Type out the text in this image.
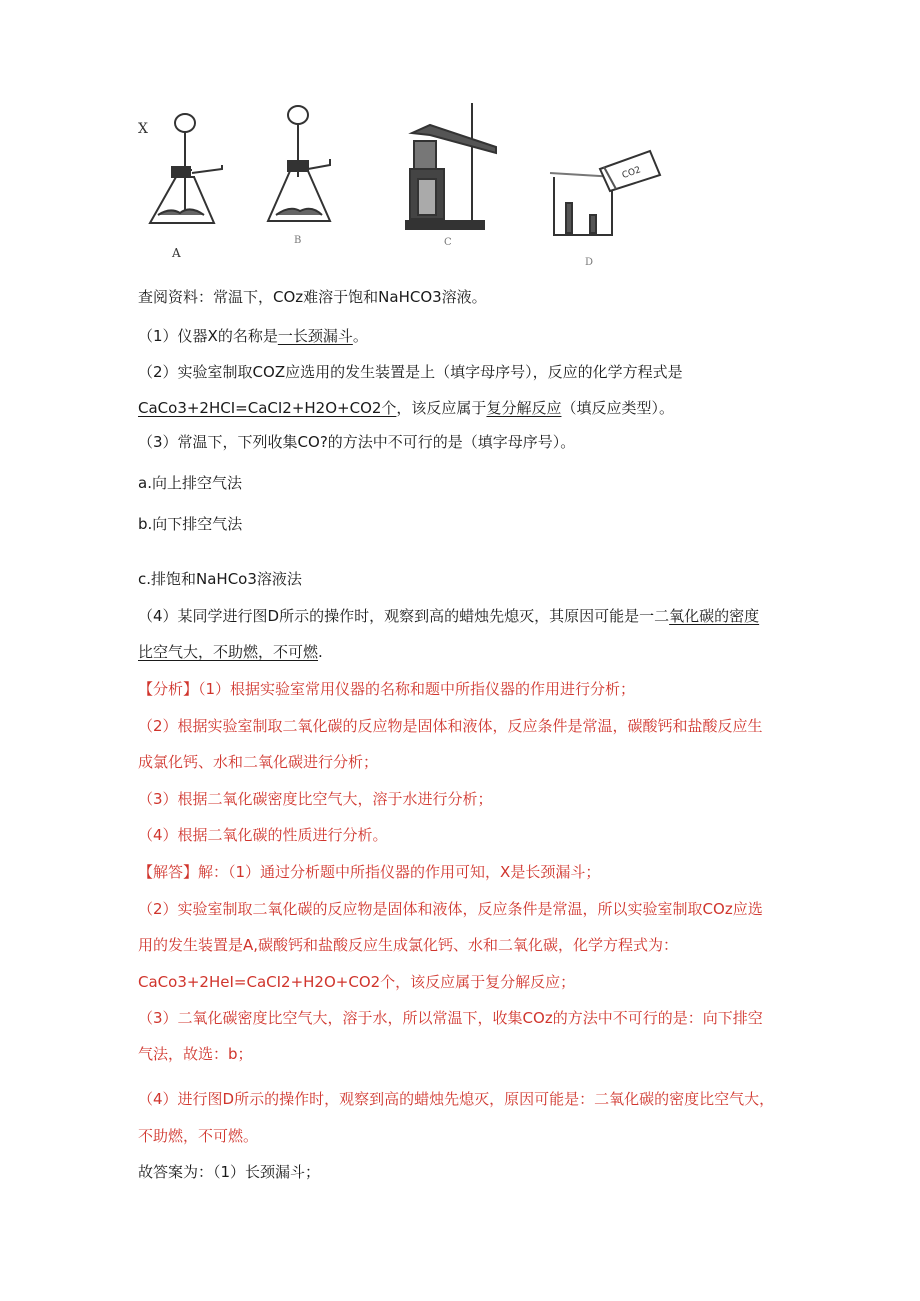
X
A
B	C
CO2
D
查阅资料：常温下，COz难溶于饱和NaHCO3溶液。
（1）仪器X的名称是一长颈漏斗。
（2）实验室制取COZ应选用的发生装置是上（填字母序号），反应的化学方程式是
CaCo3+2HCI=CaCI2+H2O+CO2个，该反应属于复分解反应（填反应类型）。
（3）常温下，下列收集CO?的方法中不可行的是（填字母序号）。
a.向上排空气法
b.向下排空气法
c.排饱和NaHCo3溶液法
（4）某同学进行图D所示的操作时，观察到高的蜡烛先熄灭，其原因可能是一二氧化碳的密度
比空气大，不助燃，不可燃.
【分析】（1）根据实验室常用仪器的名称和题中所指仪器的作用进行分析；
（2）根据实验室制取二氧化碳的反应物是固体和液体，反应条件是常温，碳酸钙和盐酸反应生
成氯化钙、水和二氧化碳进行分析；
（3）根据二氧化碳密度比空气大，溶于水进行分析；
（4）根据二氧化碳的性质进行分析。
【解答】解：（1）通过分析题中所指仪器的作用可知，X是长颈漏斗；
（2）实验室制取二氧化碳的反应物是固体和液体，反应条件是常温，所以实验室制取COz应选
用的发生装置是A,碳酸钙和盐酸反应生成氯化钙、水和二氧化碳，化学方程式为：
CaCo3+2HeI=CaCI2+H2O+CO2个，该反应属于复分解反应；
（3）二氧化碳密度比空气大，溶于水，所以常温下，收集COz的方法中不可行的是：向下排空
气法，故选：b；
（4）进行图D所示的操作时，观察到高的蜡烛先熄灭，原因可能是：二氧化碳的密度比空气大，
不助燃，不可燃。
故答案为：（1）长颈漏斗；
